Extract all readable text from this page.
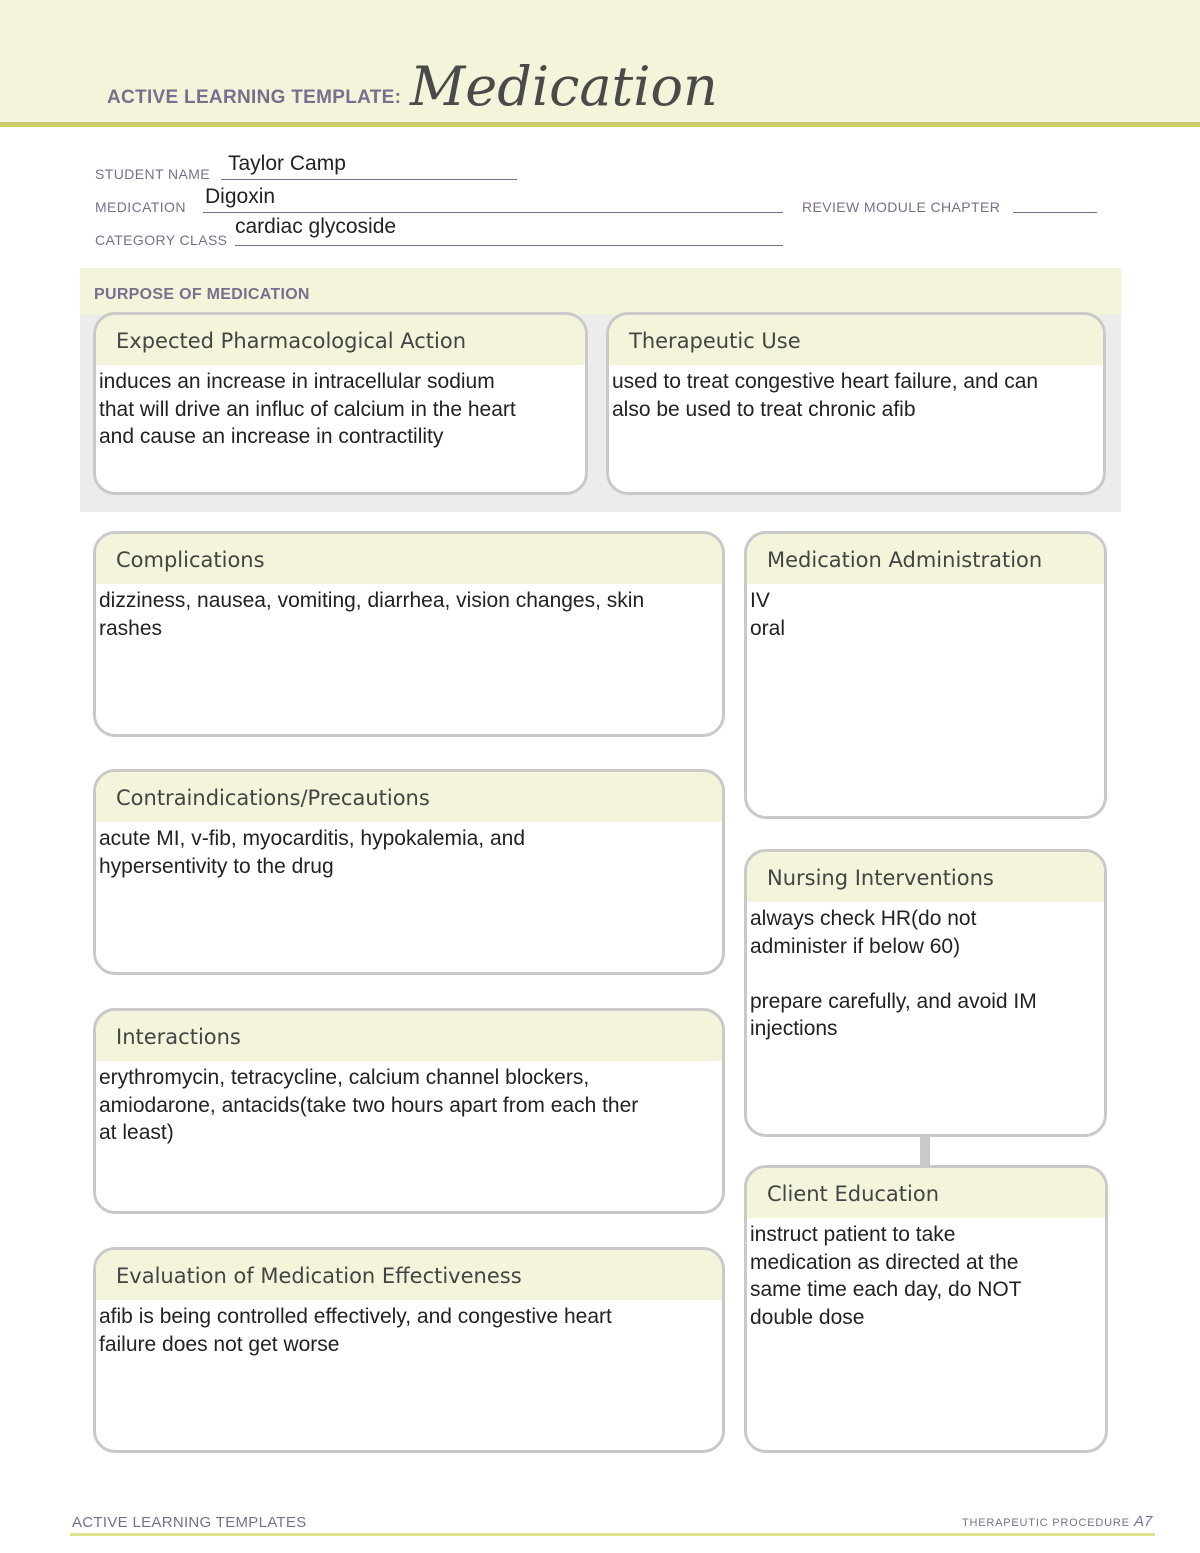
ACTIVE LEARNING TEMPLATE: Medication
STUDENT NAME Taylor Camp
MEDICATION Digoxin	REVIEW MODULE CHAPTER
CATEGORY CLASS
cardiac glycoside
PURPOSE OF MEDICATION
Expected Pharmacological Action
induces an increase in intracellular sodium
that will drive an influc of calcium in the heart
and cause an increase in contractility
Therapeutic Use
used to treat congestive heart failure, and can
also be used to treat chronic afib
Complications
dizziness, nausea, vomiting, diarrhea, vision changes, skin
rashes
Contraindications/Precautions
acute MI, v-fib, myocarditis, hypokalemia, and
hypersentivity to the drug
Interactions
erythromycin, tetracycline, calcium channel blockers,
amiodarone, antacids(take two hours apart from each ther
at least)
Evaluation of Medication Effectiveness
afib is being controlled effectively, and congestive heart
failure does not get worse
Medication Administration
IV
oral
Nursing Interventions
always check HR(do not
administer if below 60)

prepare carefully, and avoid IM
injections
Client Education
instruct patient to take
medication as directed at the
same time each day, do NOT
double dose
ACTIVE LEARNING TEMPLATES	THERAPEUTIC PROCEDURE A7
